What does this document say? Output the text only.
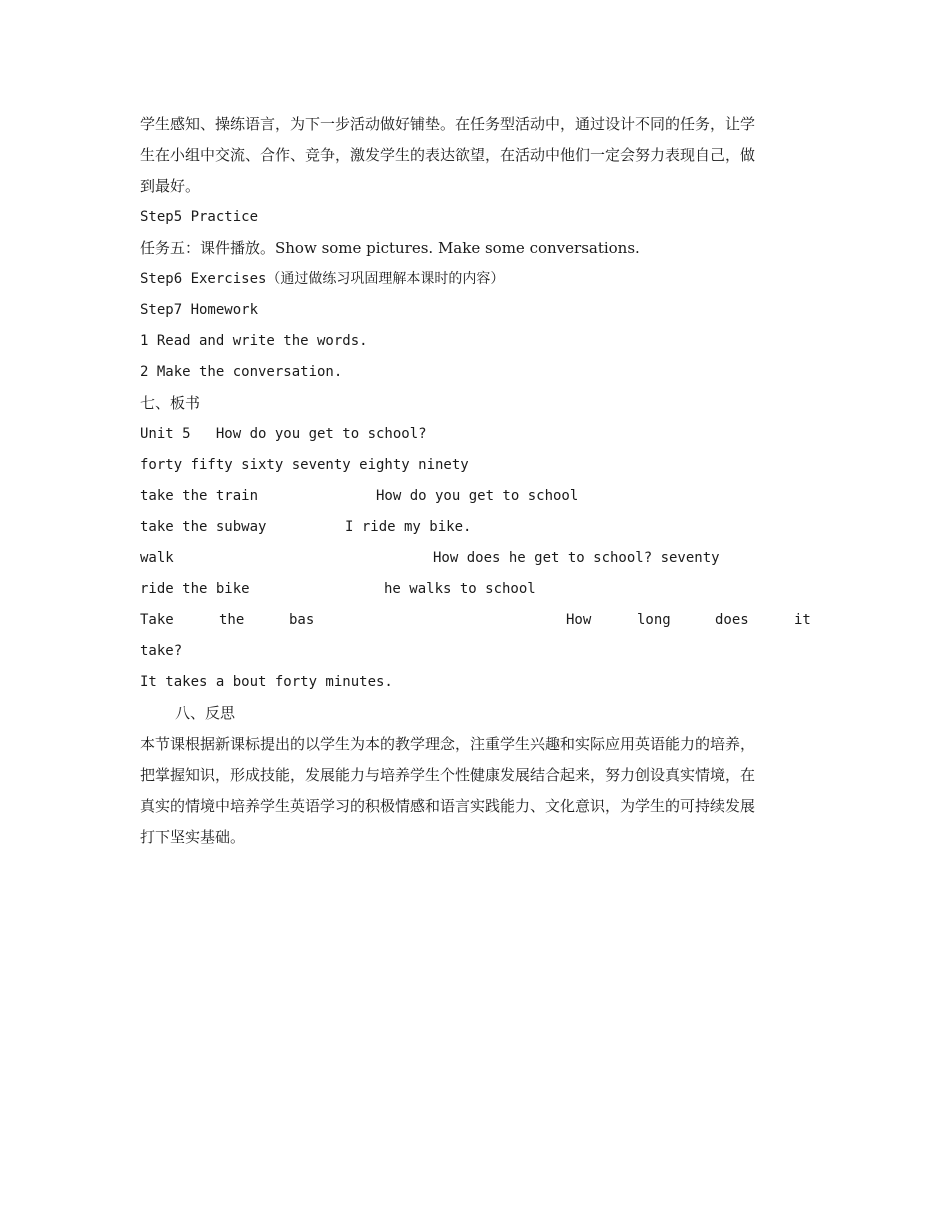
学生感知、操练语言，为下一步活动做好铺垫。在任务型活动中，通过设计不同的任务，让学
生在小组中交流、合作、竞争，激发学生的表达欲望，在活动中他们一定会努力表现自己，做
到最好。
Step5 Practice
任务五：课件播放。Show some pictures. Make some conversations.
Step6 Exercises（通过做练习巩固理解本课时的内容）
Step7 Homework
1 Read and write the words.
2 Make the conversation.
七、板书
Unit 5   How do you get to school?
forty fifty sixty seventy eighty ninety
take the train	How do you get to school
take the subway	I ride my bike.
walk	How does he get to school? seventy
ride the bike	he walks to school
Take	the	bas	How	long	does	it
take?
It takes a bout forty minutes.
八、反思
本节课根据新课标提出的以学生为本的教学理念，注重学生兴趣和实际应用英语能力的培养，
把掌握知识，形成技能，发展能力与培养学生个性健康发展结合起来，努力创设真实情境，在
真实的情境中培养学生英语学习的积极情感和语言实践能力、文化意识，为学生的可持续发展
打下坚实基础。
